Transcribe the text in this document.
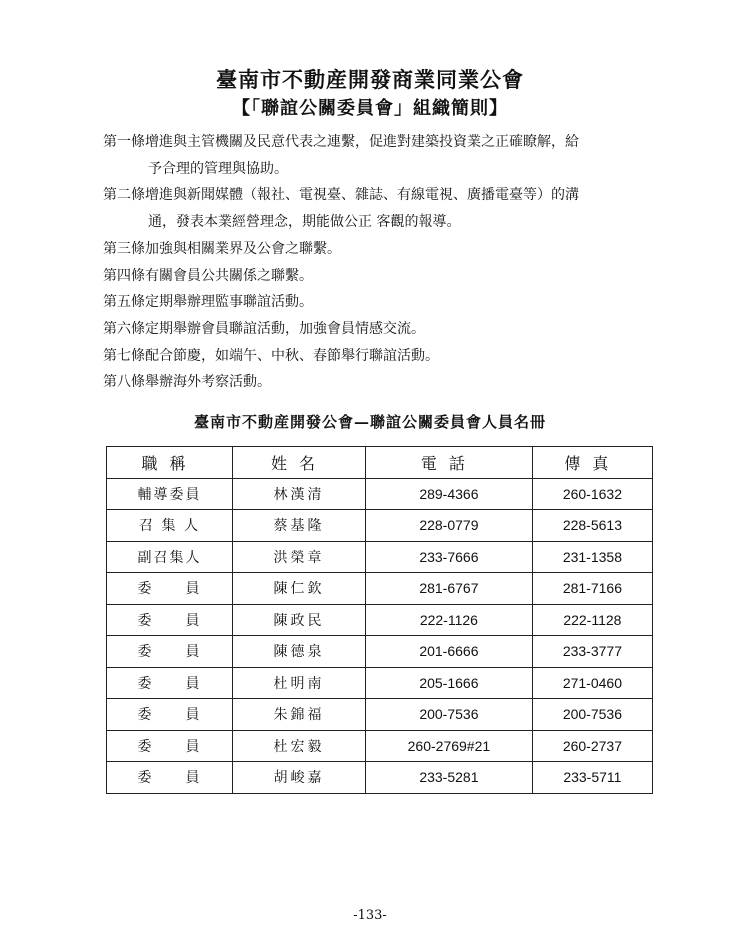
臺南市不動産開發商業同業公會
【「聯誼公關委員會」組織簡則】
第一條增進與主管機關及民意代表之連繫，促進對建築投資業之正確瞭解，給
予合理的管理與協助。
第二條增進與新聞媒體（報社、電視臺、雜誌、有線電視、廣播電臺等）的溝
通，發表本業經營理念，期能做公正 客觀的報導。
第三條加強與相關業界及公會之聯繫。
第四條有關會員公共關係之聯繫。
第五條定期舉辦理監事聯誼活動。
第六條定期舉辦會員聯誼活動，加強會員情感交流。
第七條配合節慶，如端午、中秋、春節舉行聯誼活動。
第八條舉辦海外考察活動。
臺南市不動産開發公會—聯誼公關委員會人員名冊
職稱	姓名	電話	傳真
輔導委員	林漢清	289-4366	260-1632
召 集 人	蔡基隆	228-0779	228-5613
副召集人	洪榮章	233-7666	231-1358
委　　員	陳仁欽	281-6767	281-7166
委　　員	陳政民	222-1126	222-1128
委　　員	陳德泉	201-6666	233-3777
委　　員	杜明南	205-1666	271-0460
委　　員	朱錦福	200-7536	200-7536
委　　員	杜宏毅	260-2769#21	260-2737
委　　員	胡峻嘉	233-5281	233-5711
-133-
